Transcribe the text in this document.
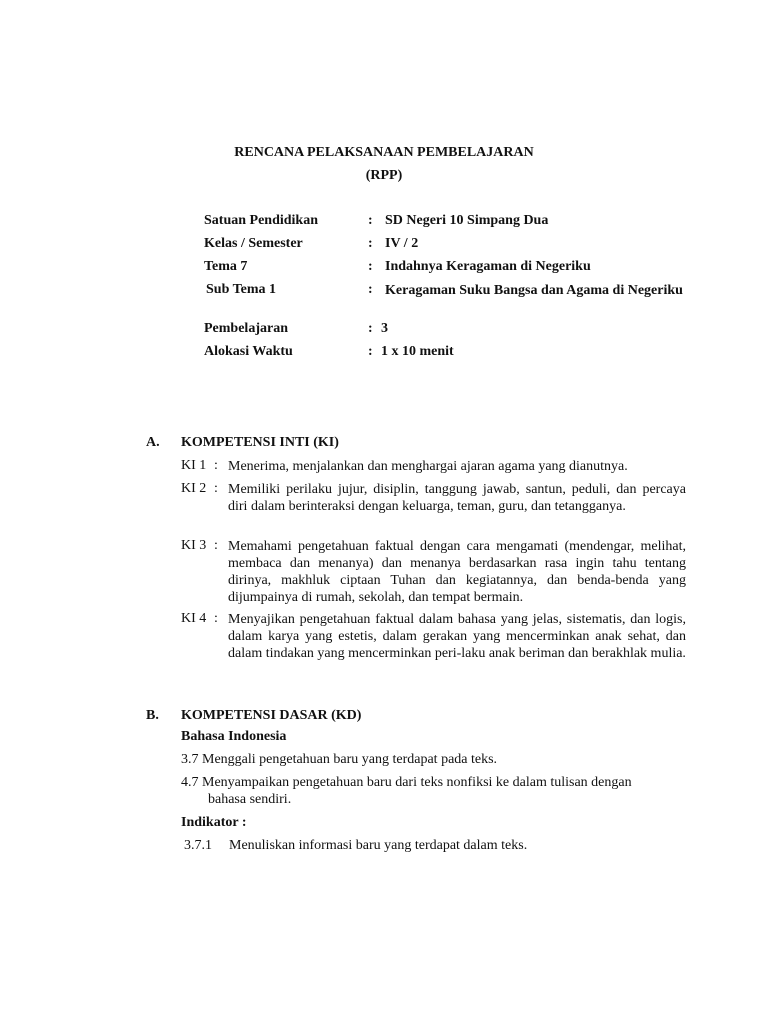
RENCANA PELAKSANAAN PEMBELAJARAN
(RPP)
Satuan Pendidikan	: SD Negeri 10 Simpang Dua
Kelas / Semester	: IV / 2
Tema 7	: Indahnya Keragaman di Negeriku
Sub Tema 1	: Keragaman Suku Bangsa dan Agama di Negeriku
Pembelajaran	: 3
Alokasi Waktu	: 1 x 10 menit
A. KOMPETENSI INTI (KI)
KI 1 : Menerima, menjalankan dan menghargai ajaran agama yang dianutnya.
KI 2 : Memiliki perilaku jujur, disiplin, tanggung jawab, santun, peduli, dan percaya diri dalam berinteraksi dengan keluarga, teman, guru, dan tetangganya.
KI 3 : Memahami pengetahuan faktual dengan cara mengamati (mendengar, melihat, membaca dan menanya) dan menanya berdasarkan rasa ingin tahu tentang dirinya, makhluk ciptaan Tuhan dan kegiatannya, dan benda-benda yang dijumpainya di rumah, sekolah, dan tempat bermain.
KI 4 : Menyajikan pengetahuan faktual dalam bahasa yang jelas, sistematis, dan logis, dalam karya yang estetis, dalam gerakan yang mencerminkan anak sehat, dan dalam tindakan yang mencerminkan peri-laku anak beriman dan berakhlak mulia.
B. KOMPETENSI DASAR (KD)
Bahasa Indonesia
3.7 Menggali pengetahuan baru yang terdapat pada teks.
4.7 Menyampaikan pengetahuan baru dari teks nonfiksi ke dalam tulisan dengan
bahasa sendiri.
Indikator :
3.7.1 Menuliskan informasi baru yang terdapat dalam teks.
